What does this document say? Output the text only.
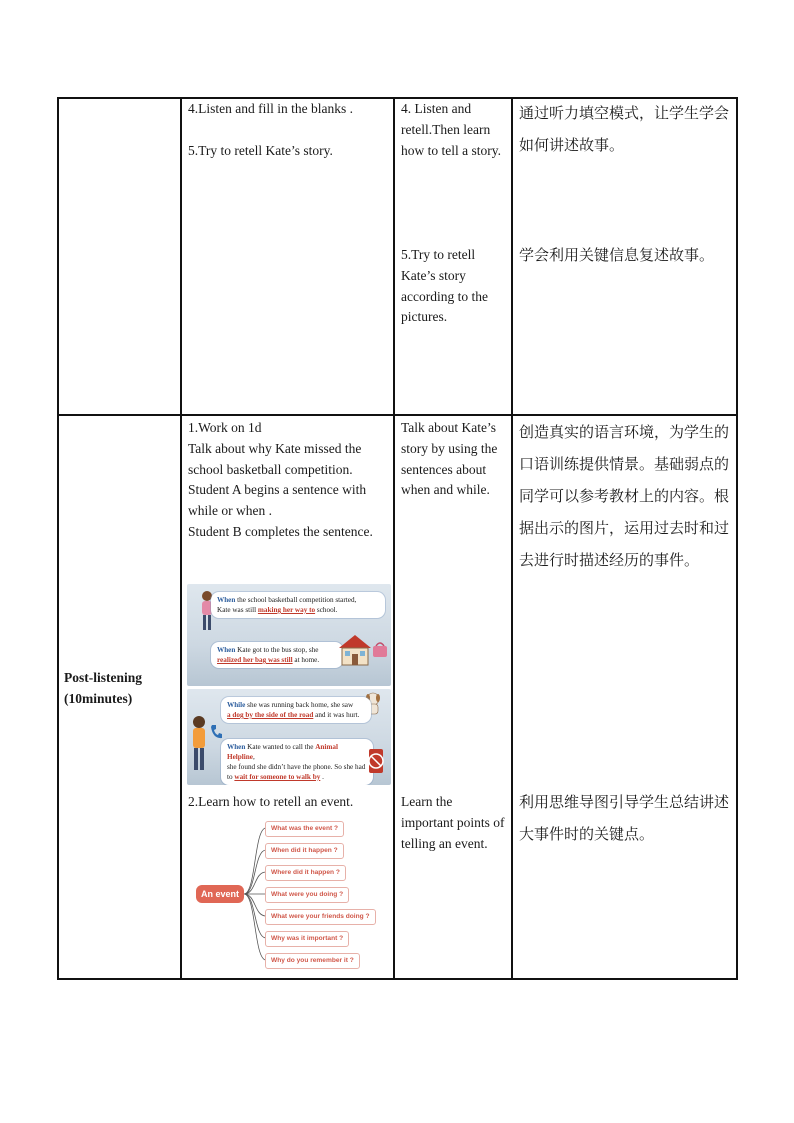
4.Listen and fill in the blanks .

5.Try to retell Kate’s story.

4. Listen and retell.Then learn how to tell a story.

5.Try to retell Kate’s story according to the pictures.

通过听力填空模式，让学生学会如何讲述故事。

学会利用关键信息复述故事。

Post-listening (10minutes)

1.Work on 1d

Talk about why Kate missed the school basketball competition.

Student A begins a sentence with while or when .

Student B completes the sentence.

When the school basketball competition started,
Kate was still making her way to school.
When Kate got to the bus stop, she
realized her bag was still at home.
While she was running back home, she saw
a dog by the side of the road and it was hurt.
When Kate wanted to call the Animal Helpline,
she found she didn’t have the phone. So she had
to wait for someone to walk by .

Talk about Kate’s story by using the sentences about when and while.

创造真实的语言环境，为学生的口语训练提供情景。基础弱点的同学可以参考教材上的内容。根据出示的图片，运用过去时和过去进行时描述经历的事件。

2.Learn how to retell an event.

An event
What was the event ?
When did it happen ?
Where did it happen ?
What were you doing ?
What were your friends doing ?
Why was it important ?
Why do you remember it ?

Learn the important points of telling an event.

利用思维导图引导学生总结讲述大事件时的关键点。
